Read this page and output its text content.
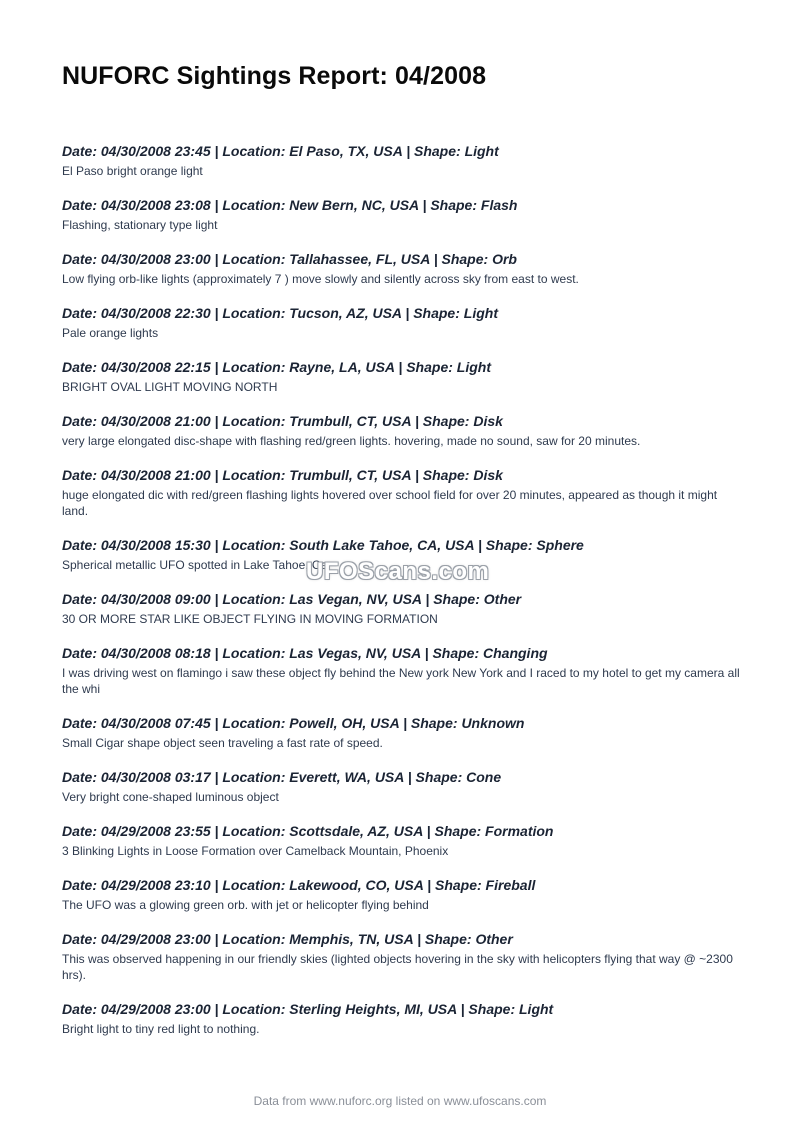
NUFORC Sightings Report: 04/2008
Date: 04/30/2008 23:45 | Location: El Paso, TX, USA | Shape: Light
El Paso bright orange light
Date: 04/30/2008 23:08 | Location: New Bern, NC, USA | Shape: Flash
Flashing, stationary type light
Date: 04/30/2008 23:00 | Location: Tallahassee, FL, USA | Shape: Orb
Low flying orb-like lights (approximately 7 ) move slowly and silently across sky from east to west.
Date: 04/30/2008 22:30 | Location: Tucson, AZ, USA | Shape: Light
Pale orange lights
Date: 04/30/2008 22:15 | Location: Rayne, LA, USA | Shape: Light
BRIGHT OVAL LIGHT MOVING NORTH
Date: 04/30/2008 21:00 | Location: Trumbull, CT, USA | Shape: Disk
very large elongated disc-shape with flashing red/green lights. hovering, made no sound, saw for 20 minutes.
Date: 04/30/2008 21:00 | Location: Trumbull, CT, USA | Shape: Disk
huge elongated dic with red/green flashing lights hovered over school field for over 20 minutes, appeared as though it might land.
Date: 04/30/2008 15:30 | Location: South Lake Tahoe, CA, USA | Shape: Sphere
Spherical metallic UFO spotted in Lake Tahoe, Ca
Date: 04/30/2008 09:00 | Location: Las Vegan, NV, USA | Shape: Other
30 OR MORE STAR LIKE OBJECT FLYING IN MOVING FORMATION
Date: 04/30/2008 08:18 | Location: Las Vegas, NV, USA | Shape: Changing
I was driving west on flamingo i saw these object fly behind the New york New York and I raced to my hotel to get my camera all the whi
Date: 04/30/2008 07:45 | Location: Powell, OH, USA | Shape: Unknown
Small Cigar shape object seen traveling a fast rate of speed.
Date: 04/30/2008 03:17 | Location: Everett, WA, USA | Shape: Cone
Very bright cone-shaped luminous object
Date: 04/29/2008 23:55 | Location: Scottsdale, AZ, USA | Shape: Formation
3 Blinking Lights in Loose Formation over Camelback Mountain, Phoenix
Date: 04/29/2008 23:10 | Location: Lakewood, CO, USA | Shape: Fireball
The UFO was a glowing green orb. with jet or helicopter flying behind
Date: 04/29/2008 23:00 | Location: Memphis, TN, USA | Shape: Other
This was observed happening in our friendly skies (lighted objects hovering in the sky with helicopters flying that way @ ~2300 hrs).
Date: 04/29/2008 23:00 | Location: Sterling Heights, MI, USA | Shape: Light
Bright light to tiny red light to nothing.
UFOScans.com
Data from www.nuforc.org listed on www.ufoscans.com
